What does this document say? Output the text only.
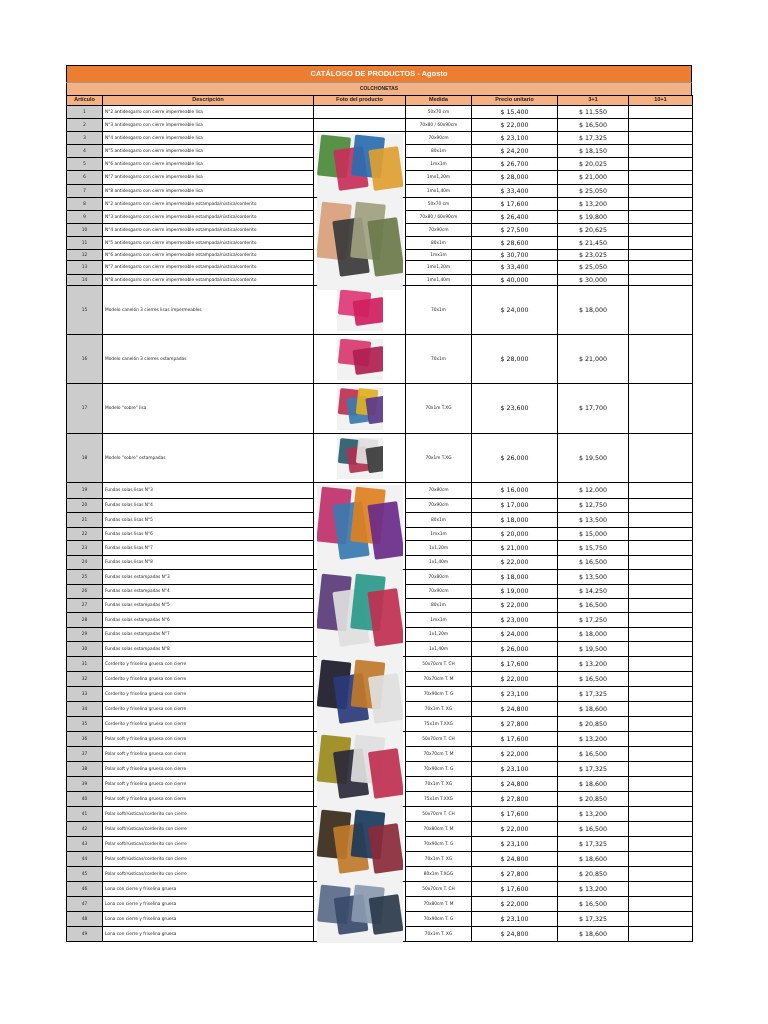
CATÁLOGO DE PRODUCTOS - Agosto
COLCHONETAS
Artículo	Descripción	Foto del producto	Medida	Precio unitario	3+1	10+1
1	N°2 antidesgarro con cierre impermeable lisa		50x70 cm	$ 15,400	$ 11,550	
2	N°3 antidesgarro con cierre impermeable lisa		70x80 / 60x90cm	$ 22,000	$ 16,500	
3	N°4 antidesgarro con cierre impermeable lisa		70x90cm	$ 23,100	$ 17,325	
4	N°5 antidesgarro con cierre impermeable lisa		80x1m	$ 24,200	$ 18,150	
5	N°6 antidesgarro con cierre impermeable lisa		1mx1m	$ 26,700	$ 20,025	
6	N°7 antidesgarro con cierre impermeable lisa		1mx1,20m	$ 28,000	$ 21,000	
7	N°8 antidesgarro con cierre impermeable lisa		1mx1,40m	$ 33,400	$ 25,050	
8	N°2 antidesgarro con cierre impermeable estampada/rústica/corderito		50x70 cm	$ 17,600	$ 13,200	
9	N°3 antidesgarro con cierre impermeable estampada/rústica/corderito		70x80 / 60x90cm	$ 26,400	$ 19,800	
10	N°4 antidesgarro con cierre impermeable estampada/rústica/corderito		70x90cm	$ 27,500	$ 20,625	
11	N°5 antidesgarro con cierre impermeable estampada/rústica/corderito		80x1m	$ 28,600	$ 21,450	
12	N°6 antidesgarro con cierre impermeable estampada/rústica/corderito		1mx1m	$ 30,700	$ 23,025	
13	N°7 antidesgarro con cierre impermeable estampada/rústica/corderito		1mx1,20m	$ 33,400	$ 25,050	
14	N°8 antidesgarro con cierre impermeable estampada/rústica/corderito		1mx1,40m	$ 40,000	$ 30,000	
15	Modelo canelón 3 cierres lisas impermeables		70x1m	$ 24,000	$ 18,000	
16	Modelo canelón 3 cierres estampadas		70x1m	$ 28,000	$ 21,000	
17	Modelo "sobre" lisa		70x1m T.XG	$ 23,600	$ 17,700	
18	Modelo "sobre" estampadas		70x1m T.XG	$ 26,000	$ 19,500	
19	Fundas solas lisas N°3		70x80cm	$ 16,000	$ 12,000	
20	Fundas solas lisas N°4		70x90cm	$ 17,000	$ 12,750	
21	Fundas solas lisas N°5		80x1m	$ 18,000	$ 13,500	
22	Fundas solas lisas N°6		1mx1m	$ 20,000	$ 15,000	
23	Fundas solas lisas N°7		1x1,20m	$ 21,000	$ 15,750	
24	Fundas solas lisas N°8		1x1,40m	$ 22,000	$ 16,500	
25	Fundas solas estampadas N°3		70x80cm	$ 18,000	$ 13,500	
26	Fundas solas estampadas N°4		70x90cm	$ 19,000	$ 14,250	
27	Fundas solas estampadas N°5		80x1m	$ 22,000	$ 16,500	
28	Fundas solas estampadas N°6		1mx1m	$ 23,000	$ 17,250	
29	Fundas solas estampadas N°7		1x1,20m	$ 24,000	$ 18,000	
30	Fundas solas estampadas N°8		1x1,40m	$ 26,000	$ 19,500	
31	Corderito y friselina gruesa con cierre		50x70cm T. CH	$ 17,600	$ 13,200	
32	Corderito y friselina gruesa con cierre		70x70cm T. M	$ 22,000	$ 16,500	
33	Corderito y friselina gruesa con cierre		70x90cm T. G	$ 23,100	$ 17,325	
34	Corderito y friselina gruesa con cierre		70x1m T. XG	$ 24,800	$ 18,600	
35	Corderito y friselina gruesa con cierre		75x1m T.XXG	$ 27,800	$ 20,850	
36	Polar soft y friselina gruesa con cierre		50x70cm T. CH	$ 17,600	$ 13,200	
37	Polar soft y friselina gruesa con cierre		70x70cm T. M	$ 22,000	$ 16,500	
38	Polar soft y friselina gruesa con cierre		70x90cm T. G	$ 23,100	$ 17,325	
39	Polar soft y friselina gruesa con cierre		70x1m T. XG	$ 24,800	$ 18,600	
40	Polar soft y friselina gruesa con cierre		75x1m T.XXG	$ 27,800	$ 20,850	
41	Polar soft/rústicas/corderito con cierre		50x70cm T. CH	$ 17,600	$ 13,200	
42	Polar soft/rústicas/corderito con cierre		70x80cm T. M	$ 22,000	$ 16,500	
43	Polar soft/rústicas/corderito con cierre		70x90cm T. G	$ 23,100	$ 17,325	
44	Polar soft/rústicas/corderito con cierre		70x1m T. XG	$ 24,800	$ 18,600	
45	Polar soft/rústicas/corderito con cierre		80x1m T.XGG	$ 27,800	$ 20,850	
46	Lona con cierre y friselina gruesa		50x70cm T. CH	$ 17,600	$ 13,200	
47	Lona con cierre y friselina gruesa		70x80cm T. M	$ 22,000	$ 16,500	
48	Lona con cierre y friselina gruesa		70x90cm T. G	$ 23,100	$ 17,325	
49	Lona con cierre y friselina gruesa		70x1m T. XG	$ 24,800	$ 18,600	
